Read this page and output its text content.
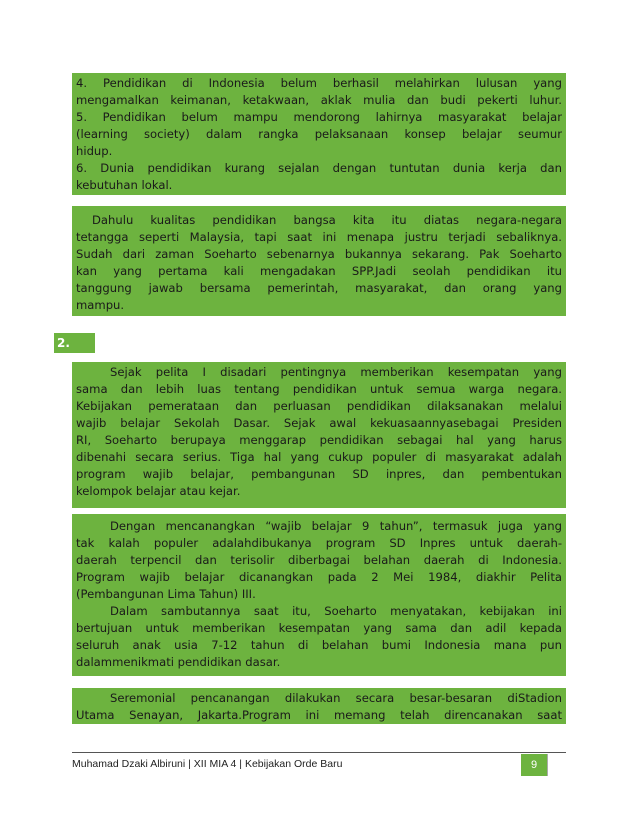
4. Pendidikan di Indonesia belum berhasil melahirkan lulusan yang
mengamalkan keimanan, ketakwaan, aklak mulia dan budi pekerti luhur.
5. Pendidikan belum mampu mendorong lahirnya masyarakat belajar
(learning society) dalam rangka pelaksanaan konsep belajar seumur
hidup.
6. Dunia pendidikan kurang sejalan dengan tuntutan dunia kerja dan
kebutuhan lokal.
Dahulu kualitas pendidikan bangsa kita itu diatas negara-negara
tetangga seperti Malaysia, tapi saat ini menapa justru terjadi sebaliknya.
Sudah dari zaman Soeharto sebenarnya bukannya sekarang. Pak Soeharto
kan yang pertama kali mengadakan SPP.Jadi seolah pendidikan itu
tanggung jawab bersama pemerintah, masyarakat, dan orang yang
mampu.
2.	Pemerataan Pendidikan.
Sejak pelita I disadari pentingnya memberikan kesempatan yang
sama dan lebih luas tentang pendidikan untuk semua warga negara.
Kebijakan pemerataan dan perluasan pendidikan dilaksanakan melalui
wajib belajar Sekolah Dasar. Sejak awal kekuasaannyasebagai Presiden
RI, Soeharto berupaya menggarap pendidikan sebagai hal yang harus
dibenahi secara serius. Tiga hal yang cukup populer di masyarakat adalah
program wajib belajar, pembangunan SD inpres, dan pembentukan
kelompok belajar atau kejar.
Dengan mencanangkan “wajib belajar 9 tahun”, termasuk juga yang
tak kalah populer adalahdibukanya program SD Inpres untuk daerah-
daerah terpencil dan terisolir diberbagai belahan daerah di Indonesia.
Program wajib belajar dicanangkan pada 2 Mei 1984, diakhir Pelita
(Pembangunan Lima Tahun) III.
Dalam sambutannya saat itu, Soeharto menyatakan, kebijakan ini
bertujuan untuk memberikan kesempatan yang sama dan adil kepada
seluruh anak usia 7-12 tahun di belahan bumi Indonesia mana pun
dalammenikmati pendidikan dasar.
Seremonial pencanangan dilakukan secara besar-besaran diStadion
Utama Senayan, Jakarta.Program ini memang telah direncanakan saat
Muhamad Dzaki Albiruni | XII MIA 4 | Kebijakan Orde Baru	9
